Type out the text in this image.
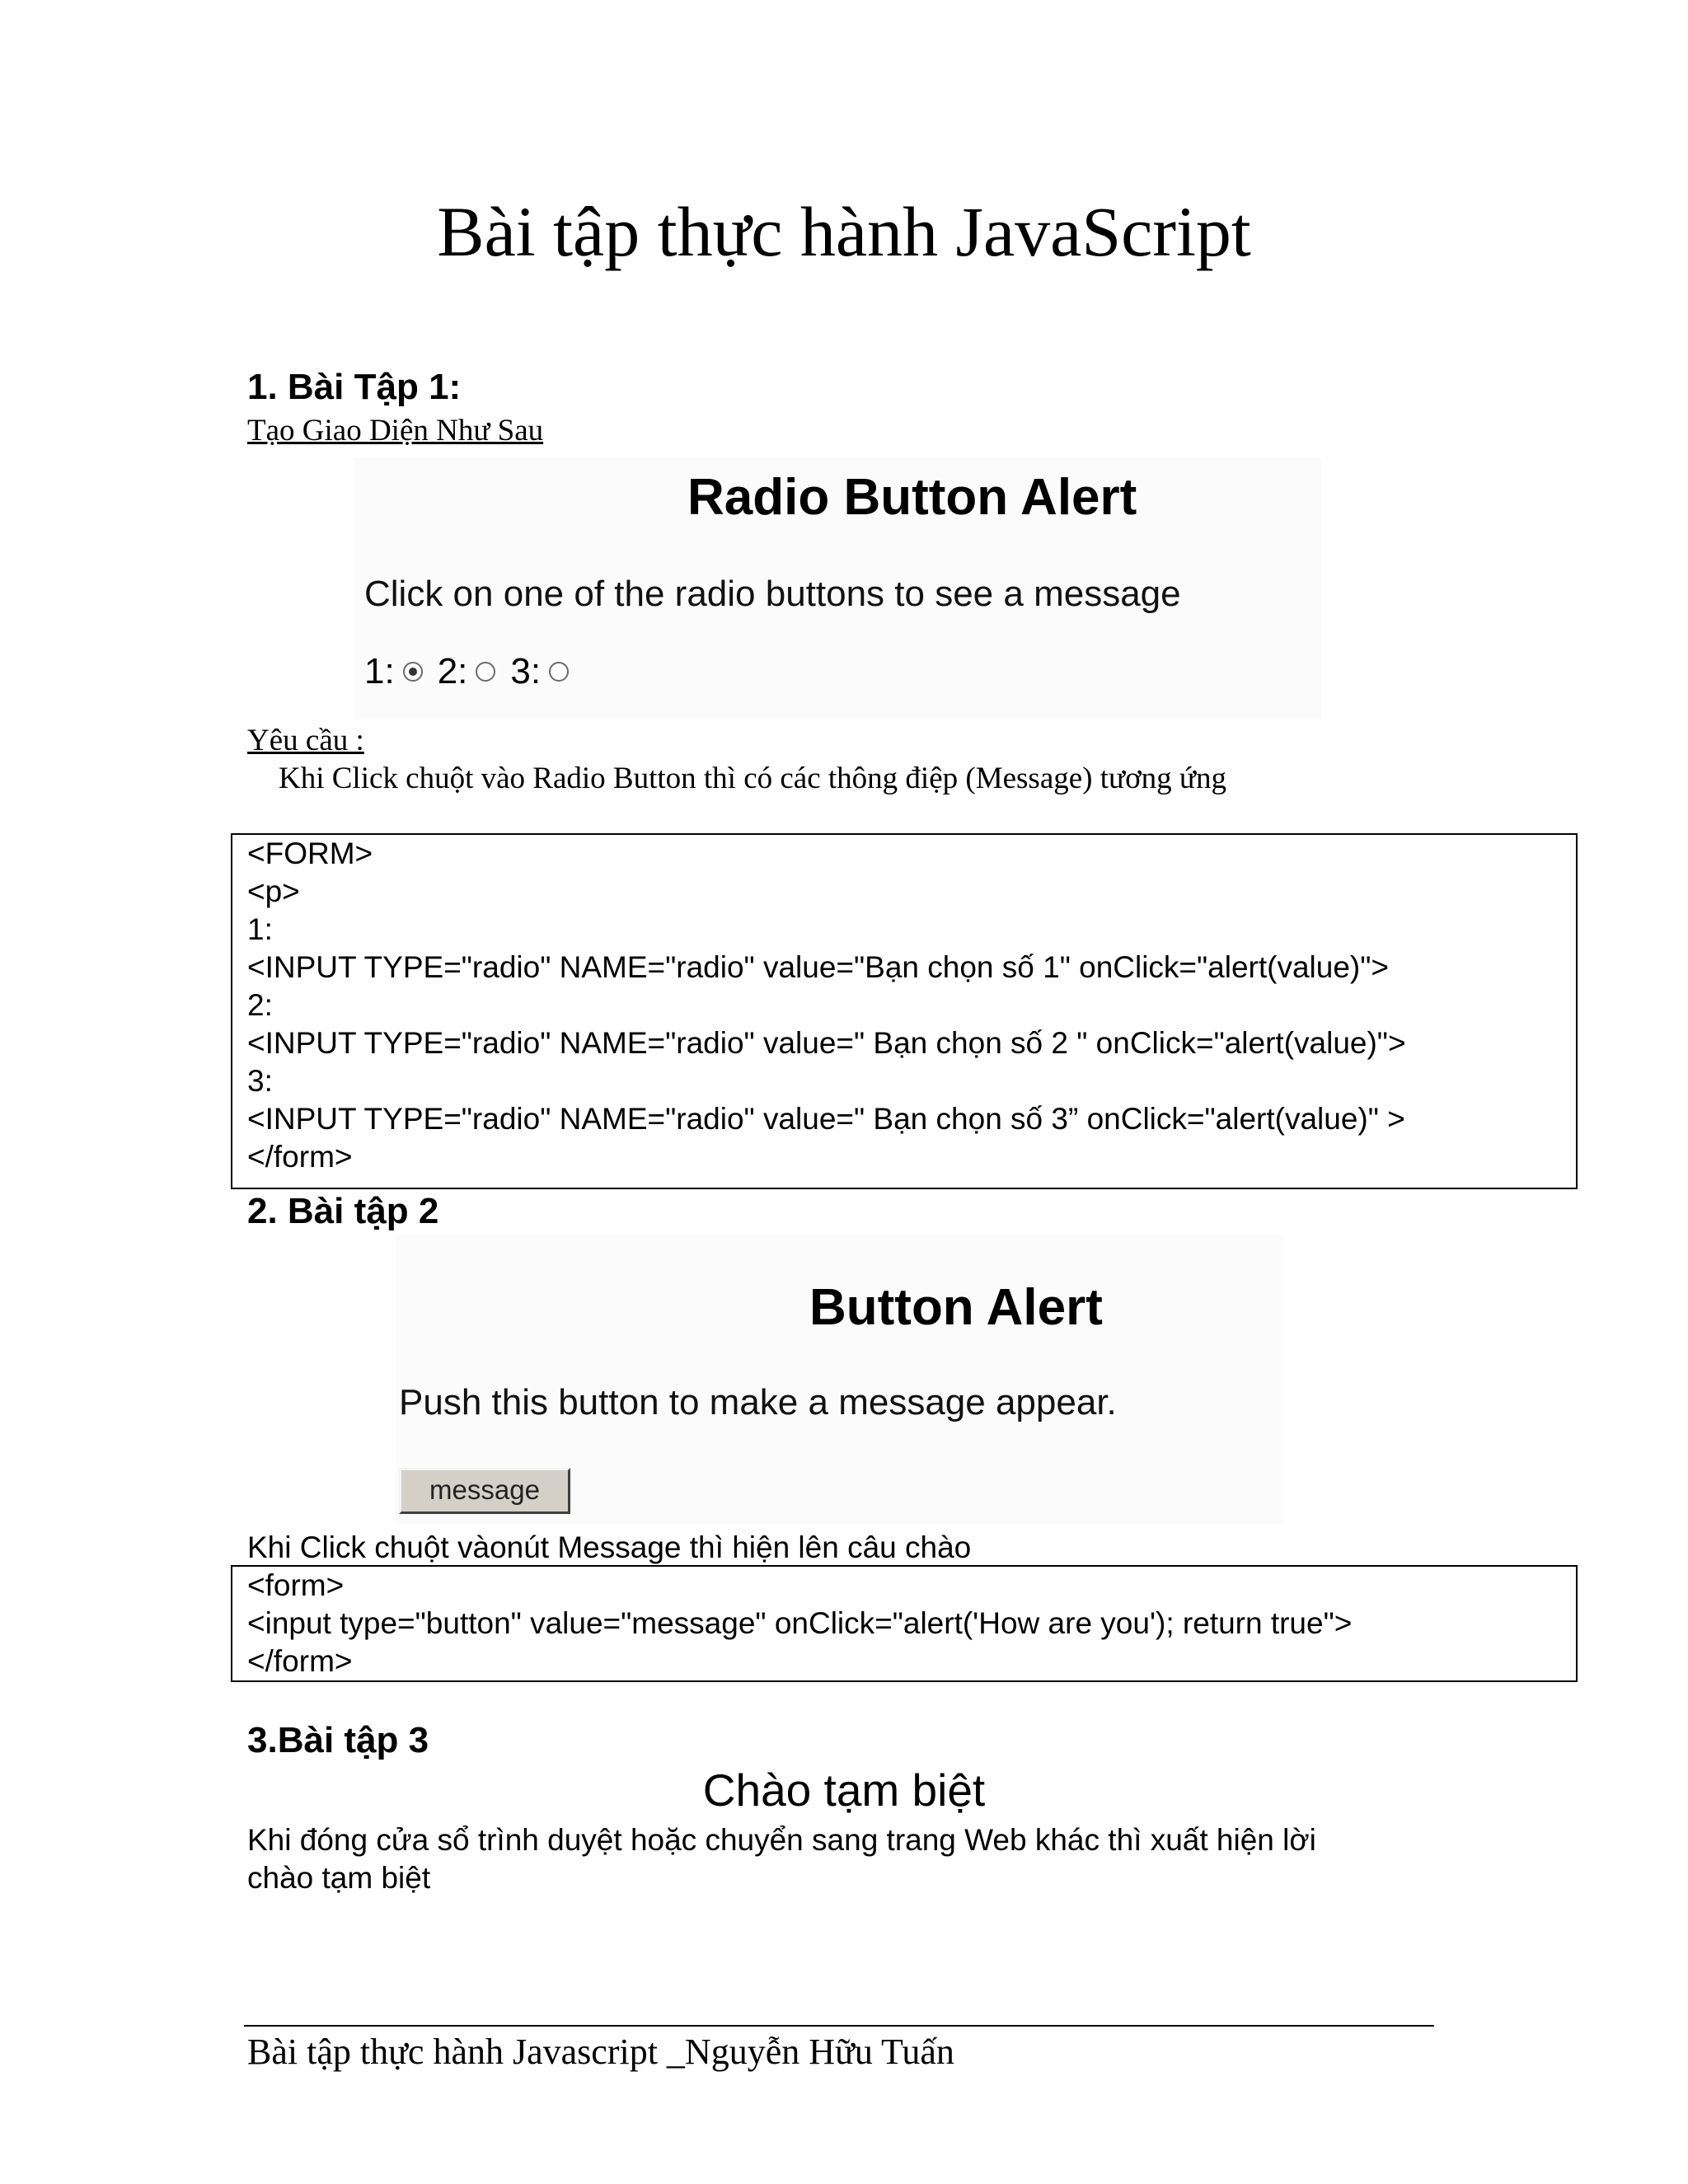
Bài tập thực hành JavaScript
1. Bài Tập 1:
Tạo Giao Diện Như Sau
Radio Button Alert
Click on one of the radio buttons to see a message
1: 2: 3:
Yêu cầu :
Khi Click chuột vào Radio Button thì có các thông điệp (Message) tương ứng
<FORM>
<p>
1:
<INPUT TYPE="radio" NAME="radio" value="Bạn chọn số 1" onClick="alert(value)">
2:
<INPUT TYPE="radio" NAME="radio" value=" Bạn chọn số 2 " onClick="alert(value)">
3:
<INPUT TYPE="radio" NAME="radio" value=" Bạn chọn số 3” onClick="alert(value)" >
</form>
2. Bài tập 2
Button Alert
Push this button to make a message appear.
message
Khi Click chuột vàonút Message thì hiện lên câu chào
<form>
<input type="button" value="message" onClick="alert('How are you'); return true">
</form>
3.Bài tập 3
Chào tạm biệt
Khi đóng cửa sổ trình duyệt hoặc chuyển sang trang Web khác thì xuất hiện lời
chào tạm biệt
Bài tập thực hành Javascript _Nguyễn Hữu Tuấn
